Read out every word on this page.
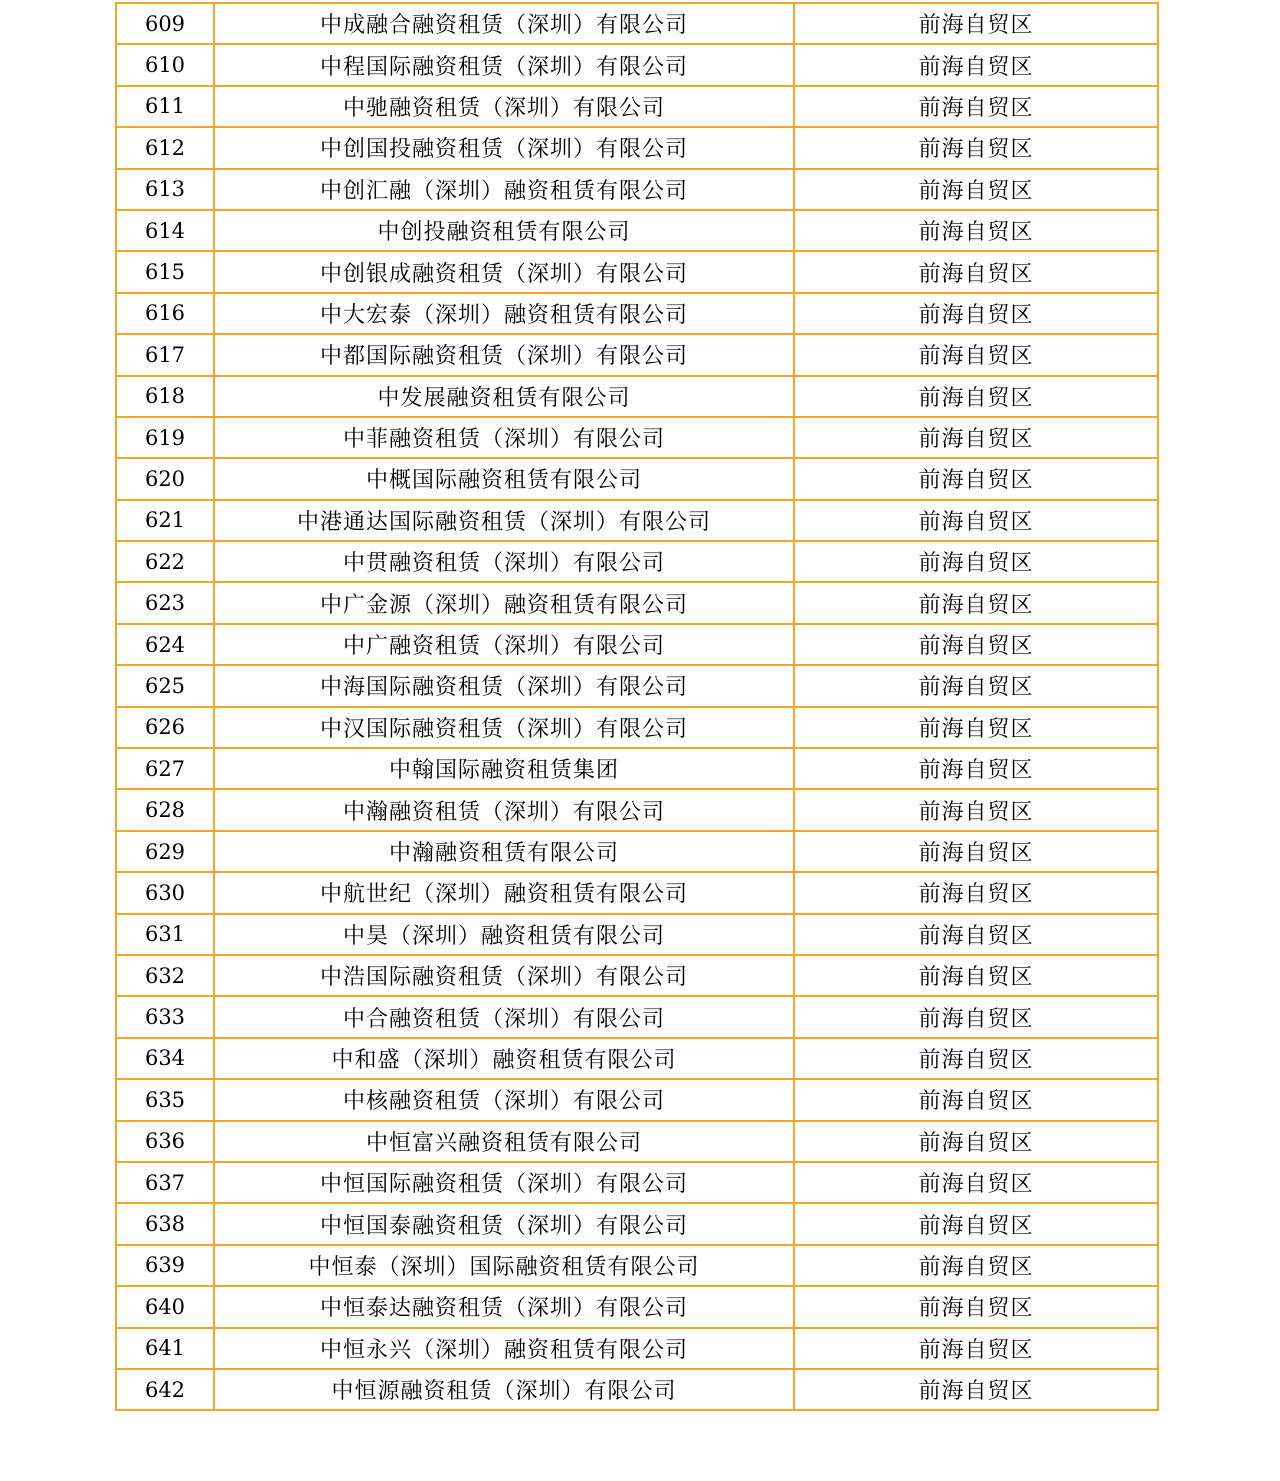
609	中成融合融资租赁（深圳）有限公司	前海自贸区
610	中程国际融资租赁（深圳）有限公司	前海自贸区
611	中驰融资租赁（深圳）有限公司	前海自贸区
612	中创国投融资租赁（深圳）有限公司	前海自贸区
613	中创汇融（深圳）融资租赁有限公司	前海自贸区
614	中创投融资租赁有限公司	前海自贸区
615	中创银成融资租赁（深圳）有限公司	前海自贸区
616	中大宏泰（深圳）融资租赁有限公司	前海自贸区
617	中都国际融资租赁（深圳）有限公司	前海自贸区
618	中发展融资租赁有限公司	前海自贸区
619	中菲融资租赁（深圳）有限公司	前海自贸区
620	中概国际融资租赁有限公司	前海自贸区
621	中港通达国际融资租赁（深圳）有限公司	前海自贸区
622	中贯融资租赁（深圳）有限公司	前海自贸区
623	中广金源（深圳）融资租赁有限公司	前海自贸区
624	中广融资租赁（深圳）有限公司	前海自贸区
625	中海国际融资租赁（深圳）有限公司	前海自贸区
626	中汉国际融资租赁（深圳）有限公司	前海自贸区
627	中翰国际融资租赁集团	前海自贸区
628	中瀚融资租赁（深圳）有限公司	前海自贸区
629	中瀚融资租赁有限公司	前海自贸区
630	中航世纪（深圳）融资租赁有限公司	前海自贸区
631	中昊（深圳）融资租赁有限公司	前海自贸区
632	中浩国际融资租赁（深圳）有限公司	前海自贸区
633	中合融资租赁（深圳）有限公司	前海自贸区
634	中和盛（深圳）融资租赁有限公司	前海自贸区
635	中核融资租赁（深圳）有限公司	前海自贸区
636	中恒富兴融资租赁有限公司	前海自贸区
637	中恒国际融资租赁（深圳）有限公司	前海自贸区
638	中恒国泰融资租赁（深圳）有限公司	前海自贸区
639	中恒泰（深圳）国际融资租赁有限公司	前海自贸区
640	中恒泰达融资租赁（深圳）有限公司	前海自贸区
641	中恒永兴（深圳）融资租赁有限公司	前海自贸区
642	中恒源融资租赁（深圳）有限公司	前海自贸区
